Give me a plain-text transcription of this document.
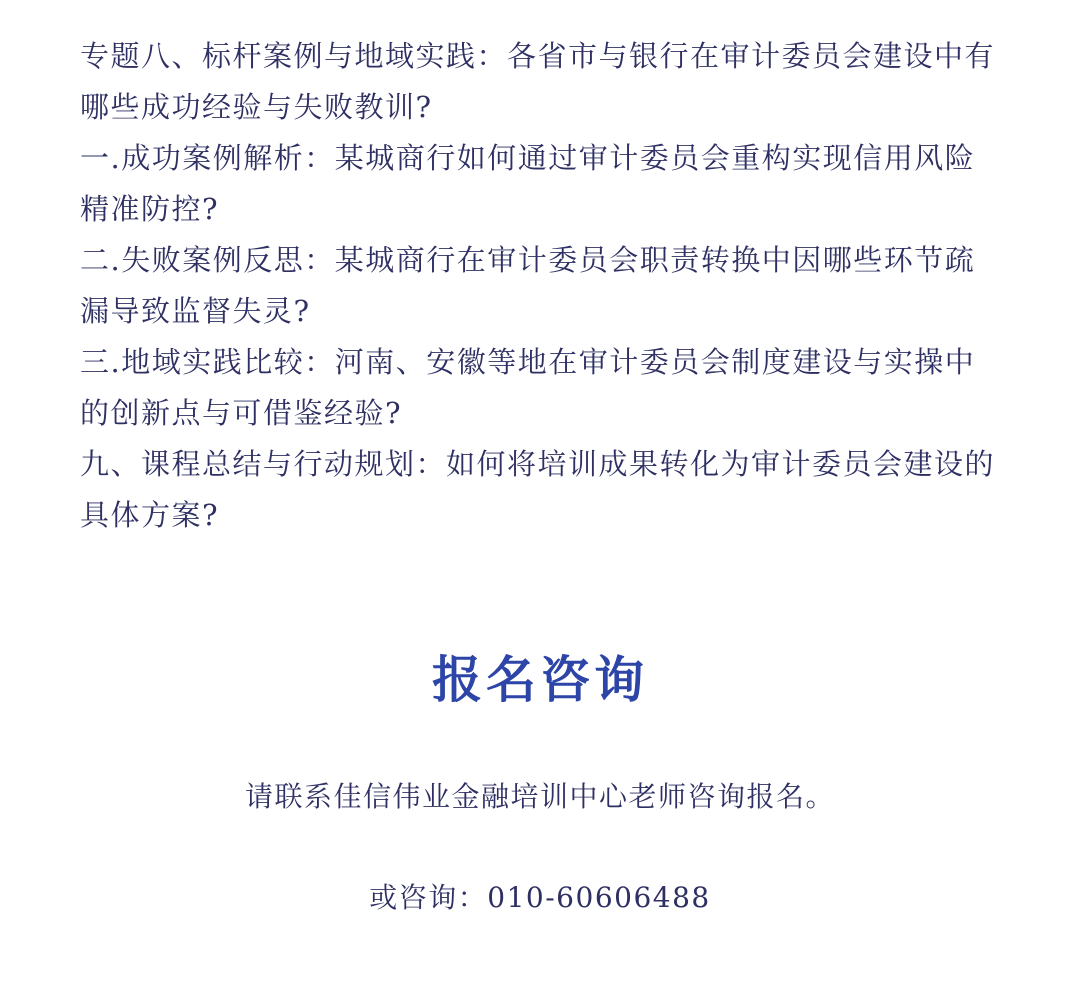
专题八、标杆案例与地域实践：各省市与银行在审计委员会建设中有哪些成功经验与失败教训?

一.成功案例解析：某城商行如何通过审计委员会重构实现信用风险精准防控?

二.失败案例反思：某城商行在审计委员会职责转换中因哪些环节疏漏导致监督失灵?

三.地域实践比较：河南、安徽等地在审计委员会制度建设与实操中的创新点与可借鉴经验?

九、课程总结与行动规划：如何将培训成果转化为审计委员会建设的具体方案?

报名咨询
请联系佳信伟业金融培训中心老师咨询报名。
或咨询：010-60606488
